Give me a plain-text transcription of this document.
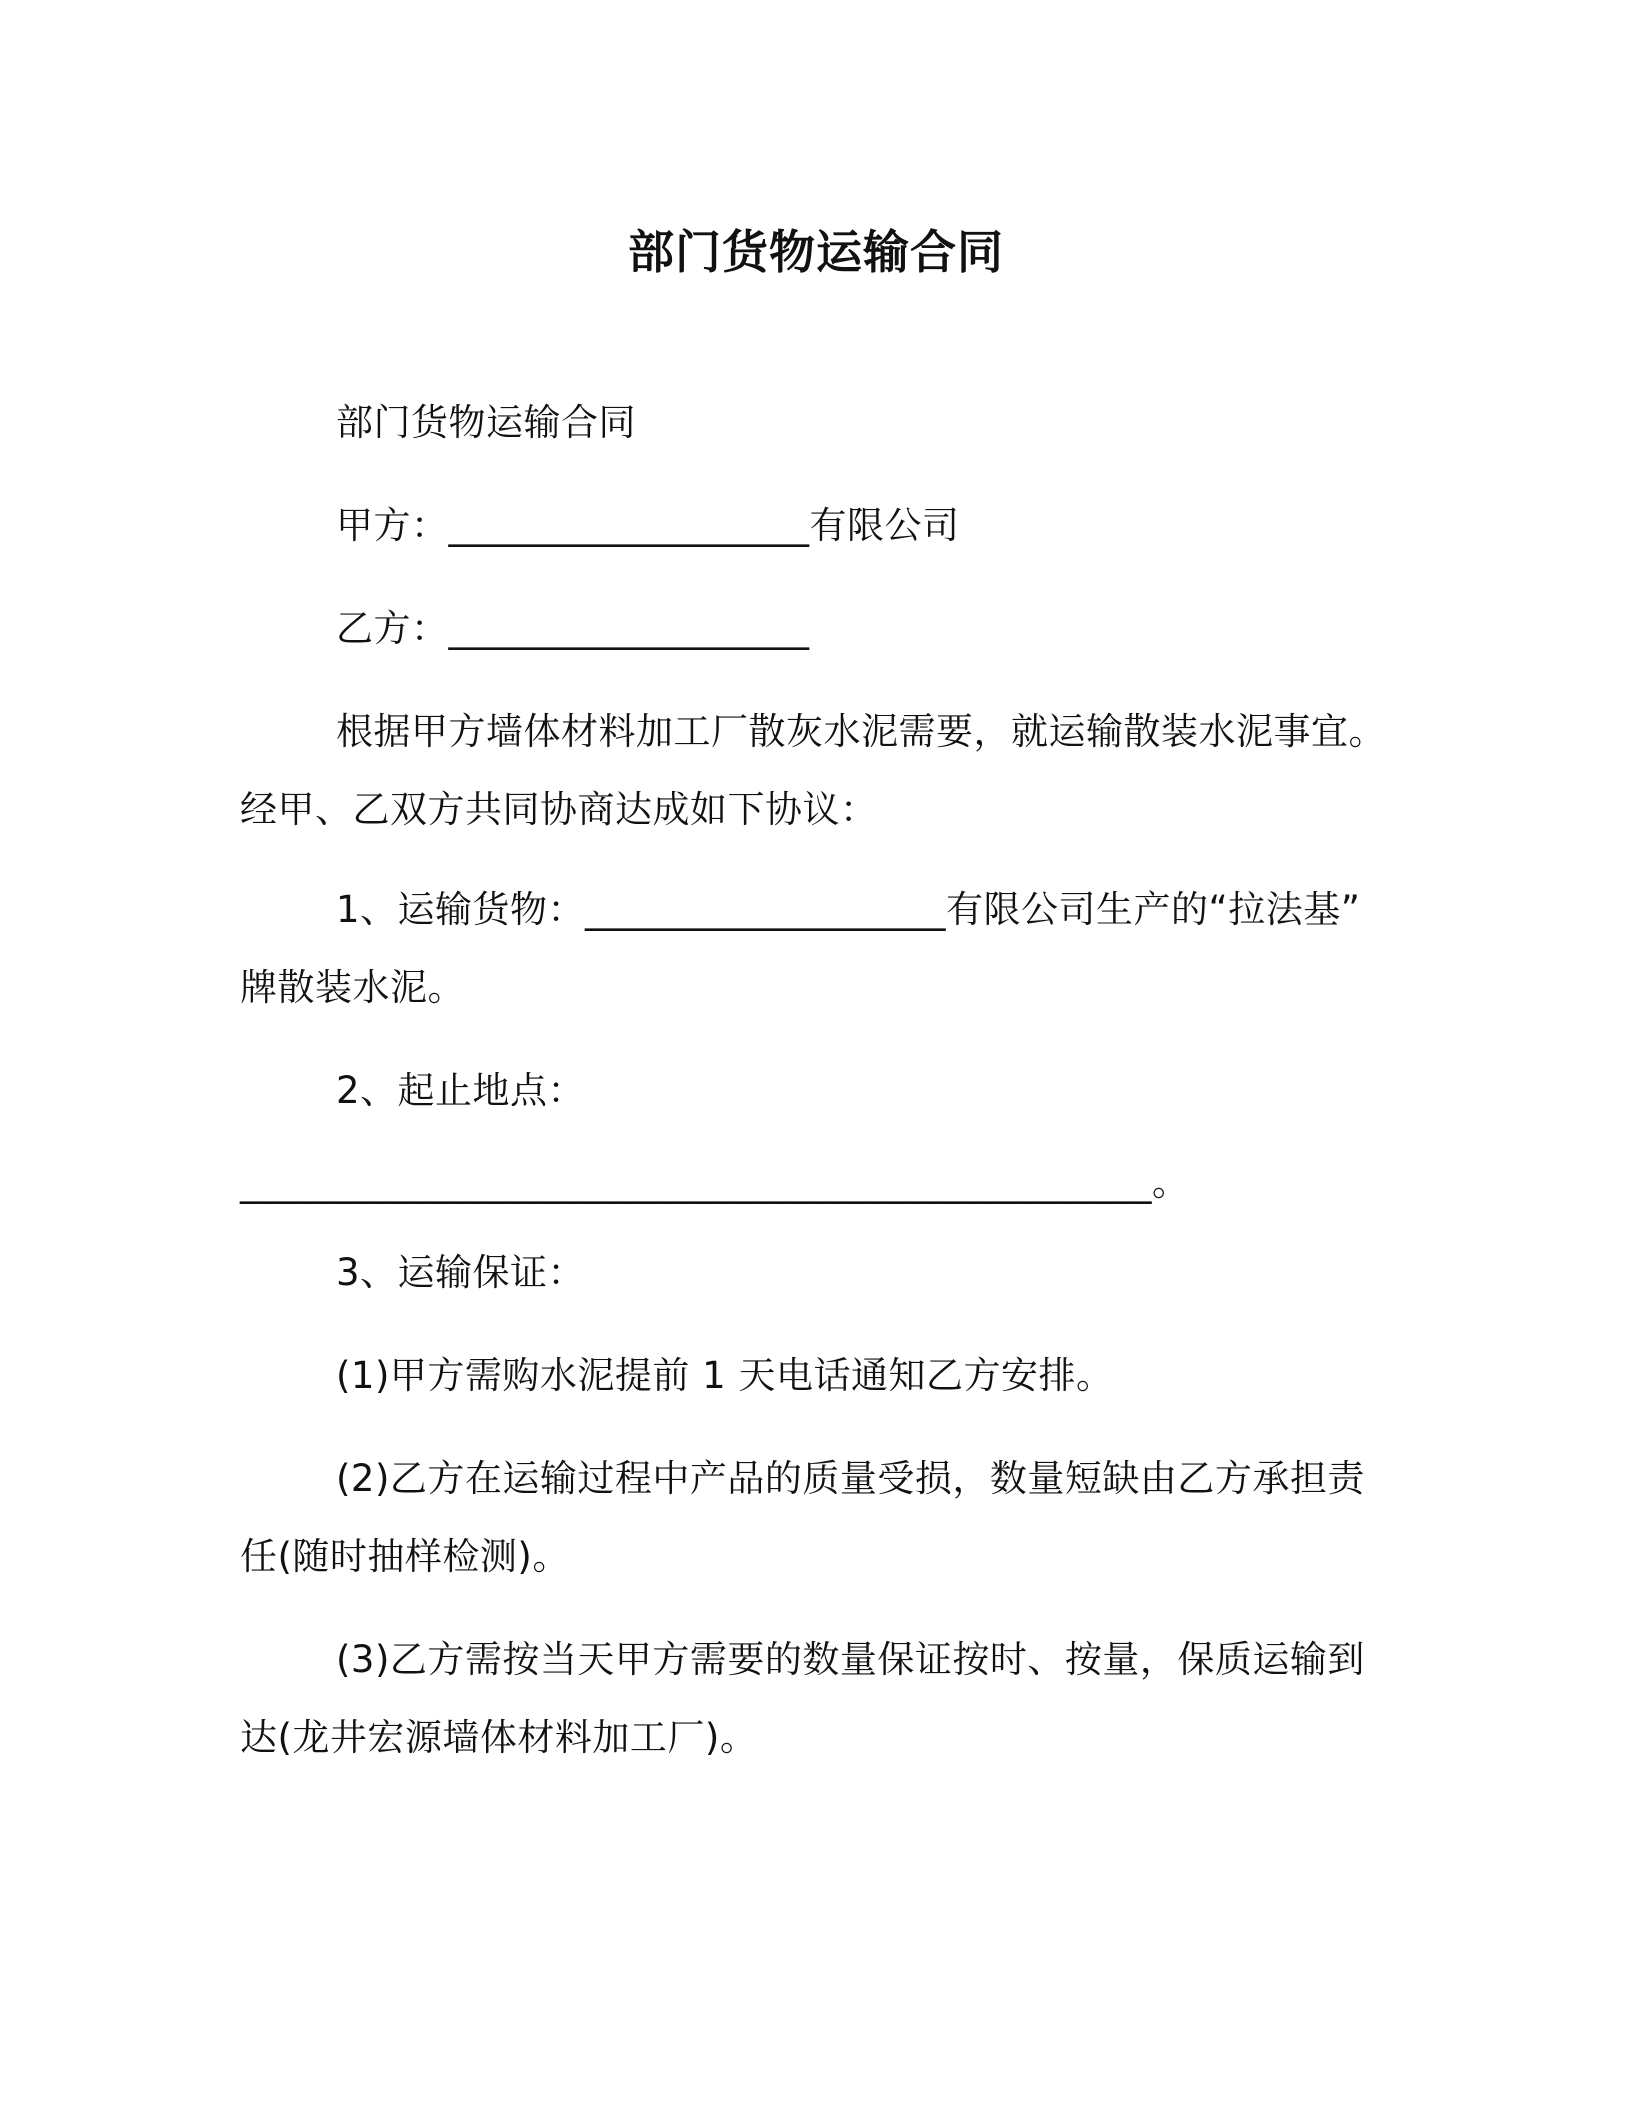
部门货物运输合同
部门货物运输合同
甲方：___________________有限公司
乙方：___________________
根据甲方墙体材料加工厂散灰水泥需要，就运输散装水泥事宜。
经甲、乙双方共同协商达成如下协议：
1、运输货物：___________________有限公司生产的“拉法基”
牌散装水泥。
2、起止地点：
________________________________________________。
3、运输保证：
(1)甲方需购水泥提前 1 天电话通知乙方安排。
(2)乙方在运输过程中产品的质量受损，数量短缺由乙方承担责
任(随时抽样检测)。
(3)乙方需按当天甲方需要的数量保证按时、按量，保质运输到
达(龙井宏源墙体材料加工厂)。
